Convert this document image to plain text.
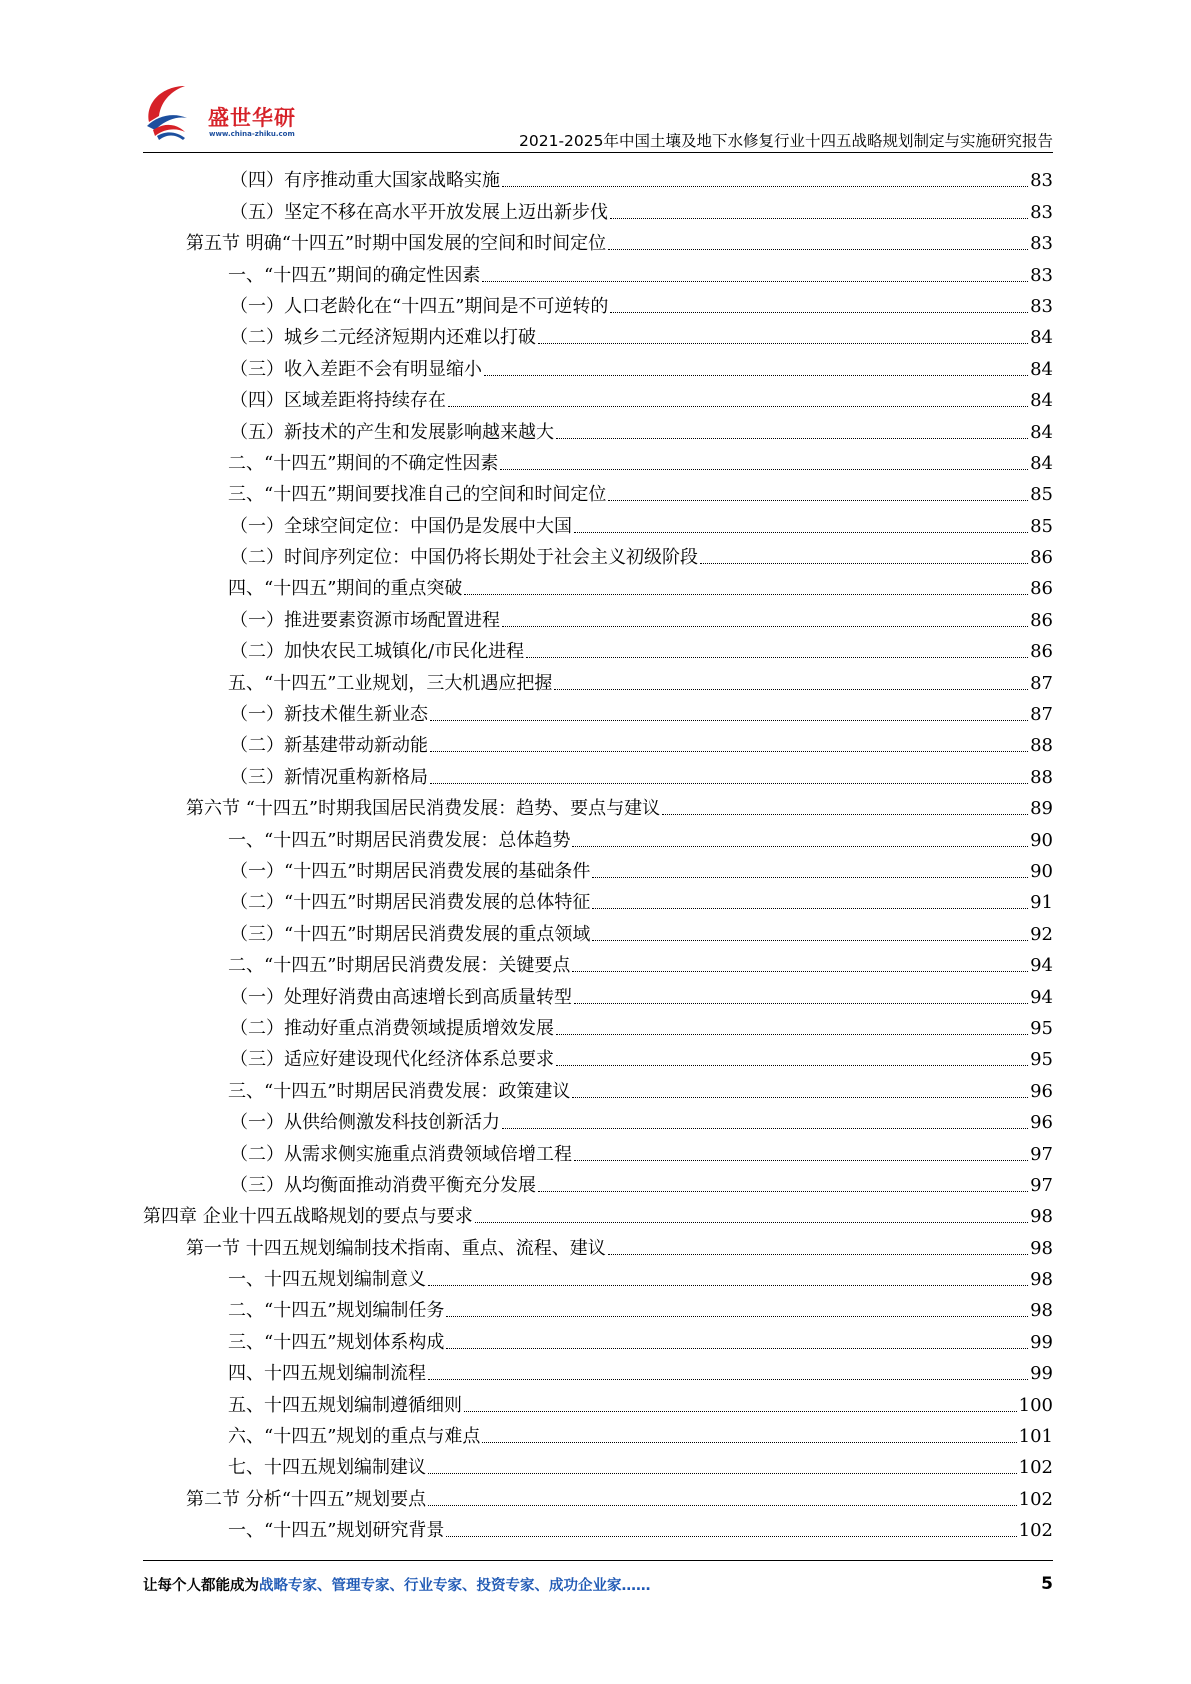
盛世华研
www.china-zhiku.com	2021-2025年中国土壤及地下水修复行业十四五战略规划制定与实施研究报告
（四）有序推动重大国家战略实施	83
（五）坚定不移在高水平开放发展上迈出新步伐	83
第五节 明确“十四五”时期中国发展的空间和时间定位	83
一、“十四五”期间的确定性因素	83
（一）人口老龄化在“十四五”期间是不可逆转的	83
（二）城乡二元经济短期内还难以打破	84
（三）收入差距不会有明显缩小	84
（四）区域差距将持续存在	84
（五）新技术的产生和发展影响越来越大	84
二、“十四五”期间的不确定性因素	84
三、“十四五”期间要找准自己的空间和时间定位	85
（一）全球空间定位：中国仍是发展中大国	85
（二）时间序列定位：中国仍将长期处于社会主义初级阶段	86
四、“十四五”期间的重点突破	86
（一）推进要素资源市场配置进程	86
（二）加快农民工城镇化/市民化进程	86
五、“十四五”工业规划，三大机遇应把握	87
（一）新技术催生新业态	87
（二）新基建带动新动能	88
（三）新情况重构新格局	88
第六节 “十四五”时期我国居民消费发展：趋势、要点与建议	89
一、“十四五”时期居民消费发展：总体趋势	90
（一）“十四五”时期居民消费发展的基础条件	90
（二）“十四五”时期居民消费发展的总体特征	91
（三）“十四五”时期居民消费发展的重点领域	92
二、“十四五”时期居民消费发展：关键要点	94
（一）处理好消费由高速增长到高质量转型	94
（二）推动好重点消费领域提质增效发展	95
（三）适应好建设现代化经济体系总要求	95
三、“十四五”时期居民消费发展：政策建议	96
（一）从供给侧激发科技创新活力	96
（二）从需求侧实施重点消费领域倍增工程	97
（三）从均衡面推动消费平衡充分发展	97
第四章 企业十四五战略规划的要点与要求	98
第一节 十四五规划编制技术指南、重点、流程、建议	98
一、十四五规划编制意义	98
二、“十四五”规划编制任务	98
三、“十四五”规划体系构成	99
四、十四五规划编制流程	99
五、十四五规划编制遵循细则	100
六、“十四五”规划的重点与难点	101
七、十四五规划编制建议	102
第二节 分析“十四五”规划要点	102
一、“十四五”规划研究背景	102
让每个人都能成为战略专家、管理专家、行业专家、投资专家、成功企业家……	5
